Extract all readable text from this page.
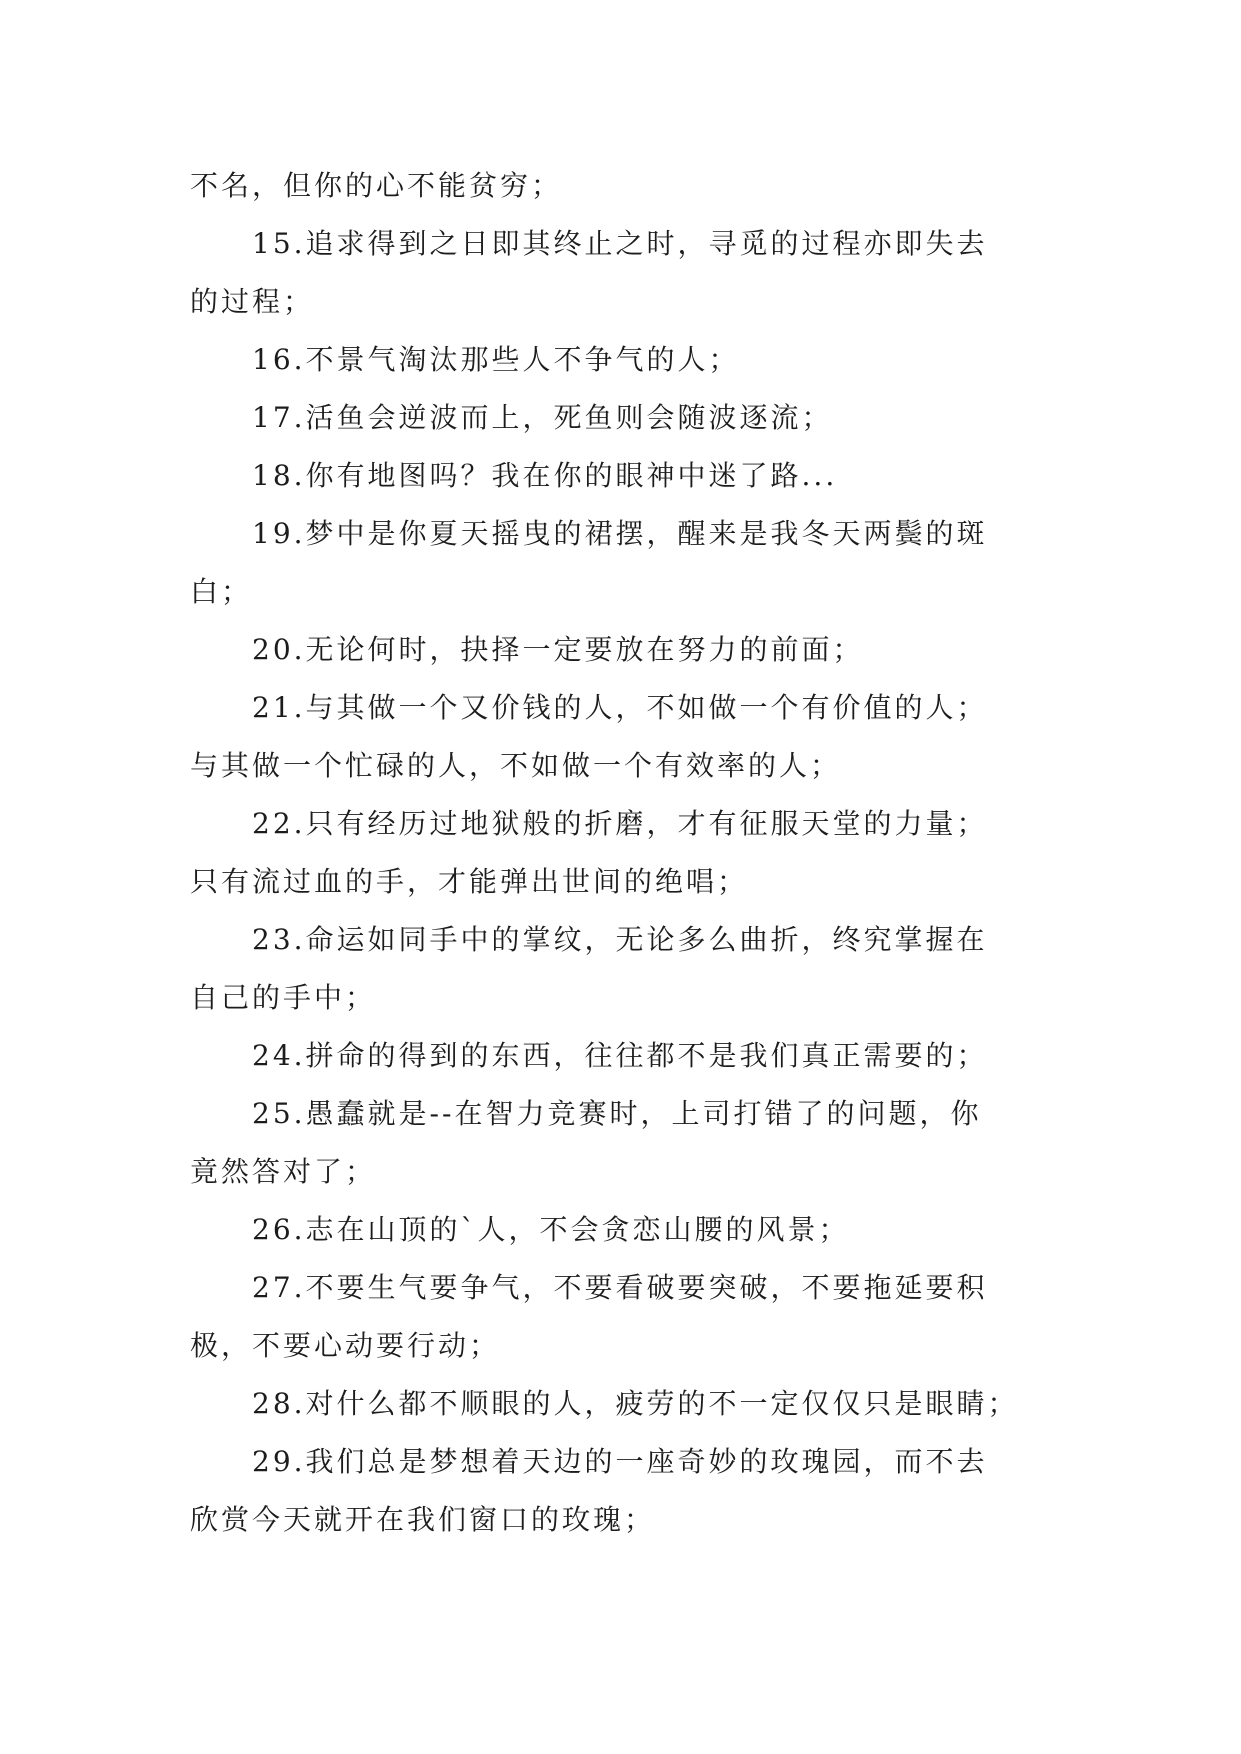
不名，但你的心不能贫穷；
15.追求得到之日即其终止之时，寻觅的过程亦即失去
的过程；
16.不景气淘汰那些人不争气的人；
17.活鱼会逆波而上，死鱼则会随波逐流；
18.你有地图吗？我在你的眼神中迷了路...
19.梦中是你夏天摇曳的裙摆，醒来是我冬天两鬓的斑
白；
20.无论何时，抉择一定要放在努力的前面；
21.与其做一个又价钱的人，不如做一个有价值的人；
与其做一个忙碌的人，不如做一个有效率的人；
22.只有经历过地狱般的折磨，才有征服天堂的力量；
只有流过血的手，才能弹出世间的绝唱；
23.命运如同手中的掌纹，无论多么曲折，终究掌握在
自己的手中；
24.拼命的得到的东西，往往都不是我们真正需要的；
25.愚蠢就是--在智力竞赛时，上司打错了的问题，你
竟然答对了；
26.志在山顶的`人，不会贪恋山腰的风景；
27.不要生气要争气，不要看破要突破，不要拖延要积
极，不要心动要行动；
28.对什么都不顺眼的人，疲劳的不一定仅仅只是眼睛；
29.我们总是梦想着天边的一座奇妙的玫瑰园，而不去
欣赏今天就开在我们窗口的玫瑰；
